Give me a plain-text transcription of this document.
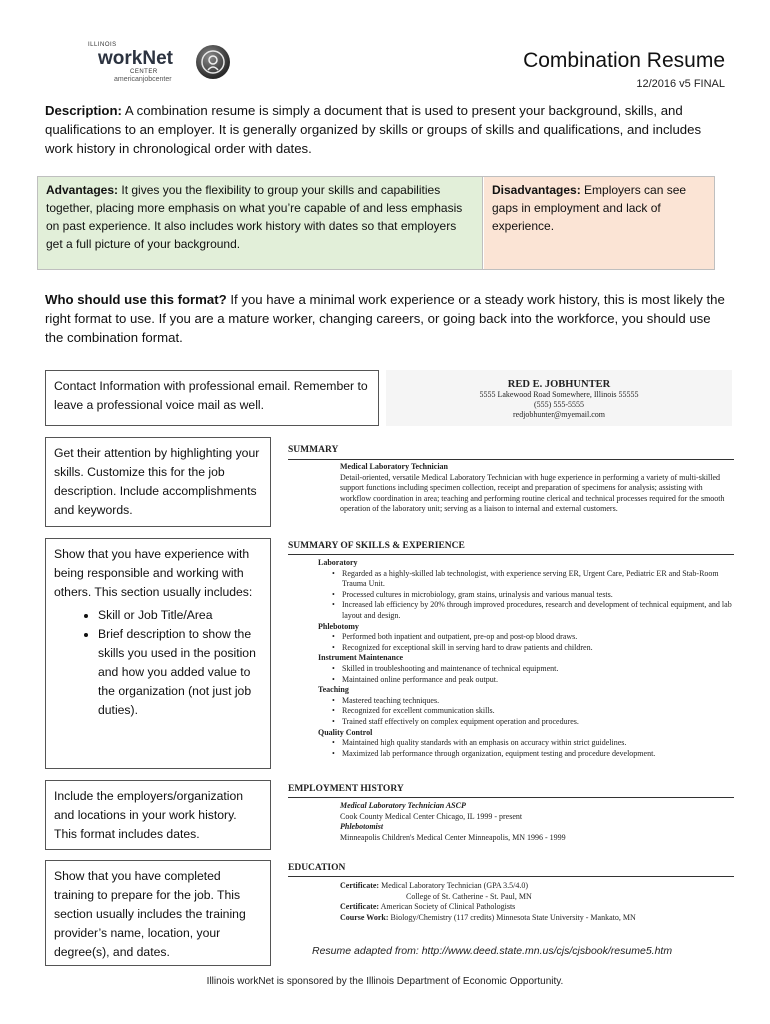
ILLINOIS
workNet
CENTER
americanjobcenter
Combination Resume
12/2016 v5 FINAL
Description: A combination resume is simply a document that is used to present your background, skills, and qualifications to an employer. It is generally organized by skills or groups of skills and qualifications, and includes work history in chronological order with dates.
Advantages: It gives you the flexibility to group your skills and capabilities together, placing more emphasis on what you’re capable of and less emphasis on past experience. It also includes work history with dates so that employers get a full picture of your background.
Disadvantages: Employers can see gaps in employment and lack of experience.
Who should use this format? If you have a minimal work experience or a steady work history, this is most likely the right format to use. If you are a mature worker, changing careers, or going back into the workforce, you should use the combination format.
Contact Information with professional email. Remember to leave a professional voice mail as well.
Get their attention by highlighting your skills. Customize this for the job description. Include accomplishments and keywords.
Show that you have experience with being responsible and working with others. This section usually includes:
• Skill or Job Title/Area
• Brief description to show the skills you used in the position and how you added value to the organization (not just job duties).
Include the employers/organization and locations in your work history. This format includes dates.
Show that you have completed training to prepare for the job. This section usually includes the training provider’s name, location, your degree(s), and dates.
RED E. JOBHUNTER
5555 Lakewood Road Somewhere, Illinois 55555
(555) 555-5555
redjobhunter@myemail.com
SUMMARY
Medical Laboratory Technician
Detail-oriented, versatile Medical Laboratory Technician with huge experience in performing a variety of multi-skilled support functions including specimen collection, receipt and preparation of specimens for analysis; assisting with workflow coordination in area; teaching and performing routine clerical and technical processes required for the smooth operation of the laboratory unit; serving as a liaison to internal and external customers.
SUMMARY OF SKILLS & EXPERIENCE
Laboratory
• Regarded as a highly-skilled lab technologist, with experience serving ER, Urgent Care, Pediatric ER and Stab-Room Trauma Unit.
• Processed cultures in microbiology, gram stains, urinalysis and various manual tests.
• Increased lab efficiency by 20% through improved procedures, research and development of technical equipment, and lab layout and design.
Phlebotomy
• Performed both inpatient and outpatient, pre-op and post-op blood draws.
• Recognized for exceptional skill in serving hard to draw patients and children.
Instrument Maintenance
• Skilled in troubleshooting and maintenance of technical equipment.
• Maintained online performance and peak output.
Teaching
• Mastered teaching techniques.
• Recognized for excellent communication skills.
• Trained staff effectively on complex equipment operation and procedures.
Quality Control
• Maintained high quality standards with an emphasis on accuracy within strict guidelines.
• Maximized lab performance through organization, equipment testing and procedure development.
EMPLOYMENT HISTORY
Medical Laboratory Technician ASCP
Cook County Medical Center Chicago, IL 1999 - present
Phlebotomist
Minneapolis Children's Medical Center Minneapolis, MN 1996 - 1999
EDUCATION
Certificate: Medical Laboratory Technician (GPA 3.5/4.0)
College of St. Catherine - St. Paul, MN
Certificate: American Society of Clinical Pathologists
Course Work: Biology/Chemistry (117 credits) Minnesota State University - Mankato, MN
Resume adapted from: http://www.deed.state.mn.us/cjs/cjsbook/resume5.htm
Illinois workNet is sponsored by the Illinois Department of Economic Opportunity.
